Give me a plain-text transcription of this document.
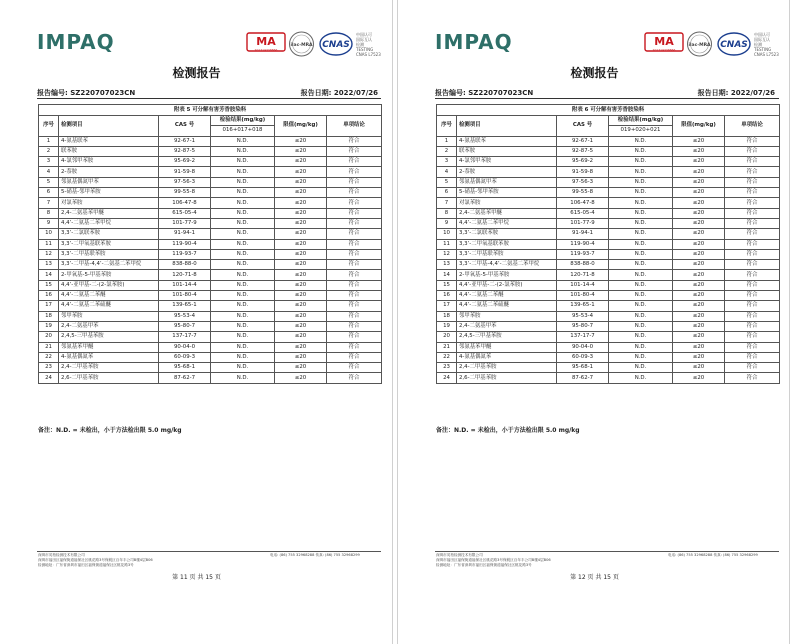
IMPAQ	MA
201719338866
ilac-MRA CNAS
中国认可
国际互认
检测
TESTING
CNAS L7523
检测报告
报告编号: SZ220707023CN	报告日期: 2022/07/26
附表 5 可分解有害芳香胺染料					
序号	检测项目	CAS 号	检验结果(mg/kg)	限值(mg/kg)	单项结论
			016+017+018		
1	4-氨基联苯	92-67-1	N.D.	≤20	符合
2	联苯胺	92-87-5	N.D.	≤20	符合
3	4-氯邻甲苯胺	95-69-2	N.D.	≤20	符合
4	2-萘胺	91-59-8	N.D.	≤20	符合
5	邻氨基偶氮甲苯	97-56-3	N.D.	≤20	符合
6	5-硝基-邻甲苯胺	99-55-8	N.D.	≤20	符合
7	对氯苯胺	106-47-8	N.D.	≤20	符合
8	2,4-二氨基苯甲醚	615-05-4	N.D.	≤20	符合
9	4,4’-二氨基二苯甲烷	101-77-9	N.D.	≤20	符合
10	3,3’-二氯联苯胺	91-94-1	N.D.	≤20	符合
11	3,3’-二甲氧基联苯胺	119-90-4	N.D.	≤20	符合
12	3,3’-二甲基联苯胺	119-93-7	N.D.	≤20	符合
13	3,3’-二甲基-4,4’-二氨基二苯甲烷	838-88-0	N.D.	≤20	符合
14	2-甲氧基-5-甲基苯胺	120-71-8	N.D.	≤20	符合
15	4,4’-亚甲基-二-(2-氯苯胺)	101-14-4	N.D.	≤20	符合
16	4,4’-二氨基二苯醚	101-80-4	N.D.	≤20	符合
17	4,4’-二氨基二苯硫醚	139-65-1	N.D.	≤20	符合
18	邻甲苯胺	95-53-4	N.D.	≤20	符合
19	2,4-二氨基甲苯	95-80-7	N.D.	≤20	符合
20	2,4,5-三甲基苯胺	137-17-7	N.D.	≤20	符合
21	邻氨基苯甲醚	90-04-0	N.D.	≤20	符合
22	4-氨基偶氮苯	60-09-3	N.D.	≤20	符合
23	2,4-二甲基苯胺	95-68-1	N.D.	≤20	符合
24	2,6-二甲基苯胺	87-62-7	N.D.	≤20	符合
备注：N.D. = 未检出，小于方法检出限 5.0 mg/kg
深圳市英柏检测技术有限公司
深圳市福田区福保街道福保社区桃花路3号保税区百年丰公司B楼4层B06
检测地址：广东省深圳市福田区福保街道福保社区桃花路3号
电话: (86) 755 32968288 传真: (86) 755 32968299
第 11 页 共 15 页
IMPAQ	MA
201719338866
ilac-MRA CNAS
中国认可
国际互认
检测
TESTING
CNAS L7523
检测报告
报告编号: SZ220707023CN	报告日期: 2022/07/26
附表 6 可分解有害芳香胺染料					
序号	检测项目	CAS 号	检验结果(mg/kg)	限值(mg/kg)	单项结论
			019+020+021		
1	4-氨基联苯	92-67-1	N.D.	≤20	符合
2	联苯胺	92-87-5	N.D.	≤20	符合
3	4-氯邻甲苯胺	95-69-2	N.D.	≤20	符合
4	2-萘胺	91-59-8	N.D.	≤20	符合
5	邻氨基偶氮甲苯	97-56-3	N.D.	≤20	符合
6	5-硝基-邻甲苯胺	99-55-8	N.D.	≤20	符合
7	对氯苯胺	106-47-8	N.D.	≤20	符合
8	2,4-二氨基苯甲醚	615-05-4	N.D.	≤20	符合
9	4,4’-二氨基二苯甲烷	101-77-9	N.D.	≤20	符合
10	3,3’-二氯联苯胺	91-94-1	N.D.	≤20	符合
11	3,3’-二甲氧基联苯胺	119-90-4	N.D.	≤20	符合
12	3,3’-二甲基联苯胺	119-93-7	N.D.	≤20	符合
13	3,3’-二甲基-4,4’-二氨基二苯甲烷	838-88-0	N.D.	≤20	符合
14	2-甲氧基-5-甲基苯胺	120-71-8	N.D.	≤20	符合
15	4,4’-亚甲基-二-(2-氯苯胺)	101-14-4	N.D.	≤20	符合
16	4,4’-二氨基二苯醚	101-80-4	N.D.	≤20	符合
17	4,4’-二氨基二苯硫醚	139-65-1	N.D.	≤20	符合
18	邻甲苯胺	95-53-4	N.D.	≤20	符合
19	2,4-二氨基甲苯	95-80-7	N.D.	≤20	符合
20	2,4,5-三甲基苯胺	137-17-7	N.D.	≤20	符合
21	邻氨基苯甲醚	90-04-0	N.D.	≤20	符合
22	4-氨基偶氮苯	60-09-3	N.D.	≤20	符合
23	2,4-二甲基苯胺	95-68-1	N.D.	≤20	符合
24	2,6-二甲基苯胺	87-62-7	N.D.	≤20	符合
备注：N.D. = 未检出，小于方法检出限 5.0 mg/kg
深圳市英柏检测技术有限公司
深圳市福田区福保街道福保社区桃花路3号保税区百年丰公司B楼4层B06
检测地址：广东省深圳市福田区福保街道福保社区桃花路3号
电话: (86) 755 32968288 传真: (86) 755 32968299
第 12 页 共 15 页
